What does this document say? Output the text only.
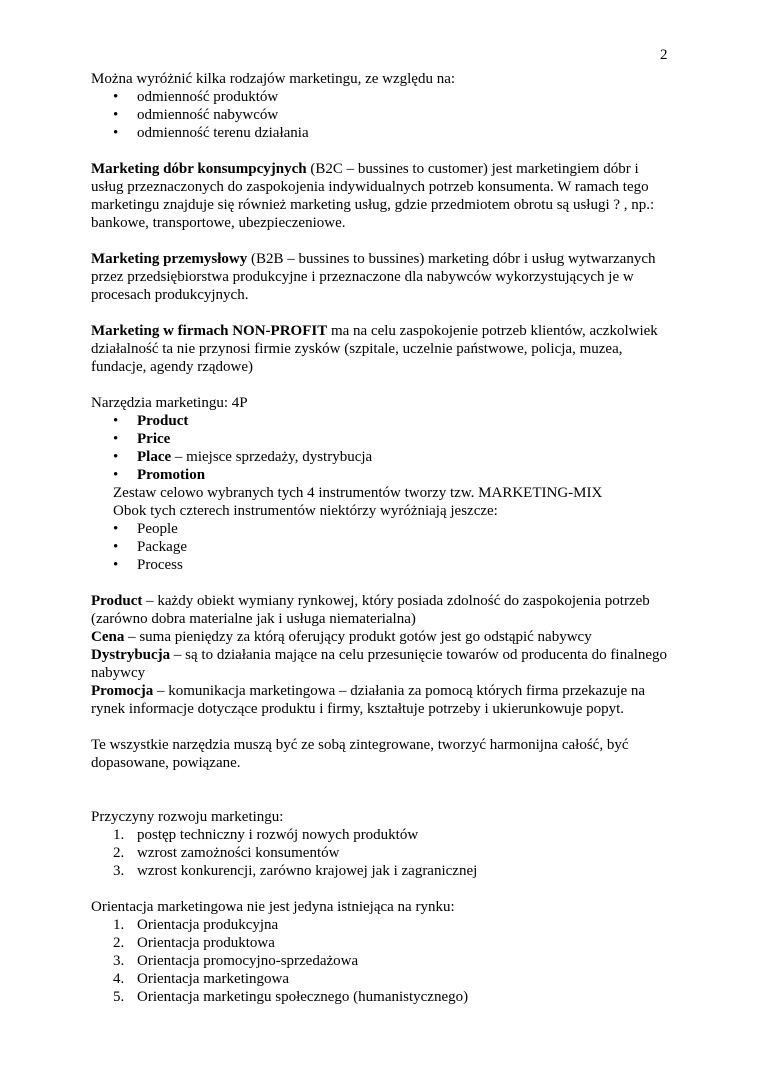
2

Można wyróżnić kilka rodzajów marketingu, ze względu na:

• odmienność produktów
• odmienność nabywców
• odmienność terenu działania

Marketing dóbr konsumpcyjnych (B2C – bussines to customer) jest marketingiem dóbr i usług przeznaczonych do zaspokojenia indywidualnych potrzeb konsumenta. W ramach tego marketingu znajduje się również marketing usług, gdzie przedmiotem obrotu są usługi ? , np.: bankowe, transportowe, ubezpieczeniowe.

Marketing przemysłowy (B2B – bussines to bussines) marketing dóbr i usług wytwarzanych przez przedsiębiorstwa produkcyjne i przeznaczone dla nabywców wykorzystujących je w procesach produkcyjnych.

Marketing w firmach NON-PROFIT ma na celu zaspokojenie potrzeb klientów, aczkolwiek działalność ta nie przynosi firmie zysków (szpitale, uczelnie państwowe, policja, muzea, fundacje, agendy rządowe)

Narzędzia marketingu: 4P

• Product
• Price
• Place – miejsce sprzedaży, dystrybucja
• Promotion

Zestaw celowo wybranych tych 4 instrumentów tworzy tzw. MARKETING-MIX

Obok tych czterech instrumentów niektórzy wyróżniają jeszcze:

• People
• Package
• Process

Product – każdy obiekt wymiany rynkowej, który posiada zdolność do zaspokojenia potrzeb (zarówno dobra materialne jak i usługa niematerialna)

Cena – suma pieniędzy za którą oferujący produkt gotów jest go odstąpić nabywcy

Dystrybucja – są to działania mające na celu przesunięcie towarów od producenta do finalnego nabywcy

Promocja – komunikacja marketingowa – działania za pomocą których firma przekazuje na rynek informacje dotyczące produktu i firmy, kształtuje potrzeby i ukierunkowuje popyt.

Te wszystkie narzędzia muszą być ze sobą zintegrowane, tworzyć harmonijna całość, być dopasowane, powiązane.

Przyczyny rozwoju marketingu:

1. postęp techniczny i rozwój nowych produktów
2. wzrost zamożności konsumentów
3. wzrost konkurencji, zarówno krajowej jak i zagranicznej

Orientacja marketingowa nie jest jedyna istniejąca na rynku:

1. Orientacja produkcyjna
2. Orientacja produktowa
3. Orientacja promocyjno-sprzedażowa
4. Orientacja marketingowa
5. Orientacja marketingu społecznego (humanistycznego)
